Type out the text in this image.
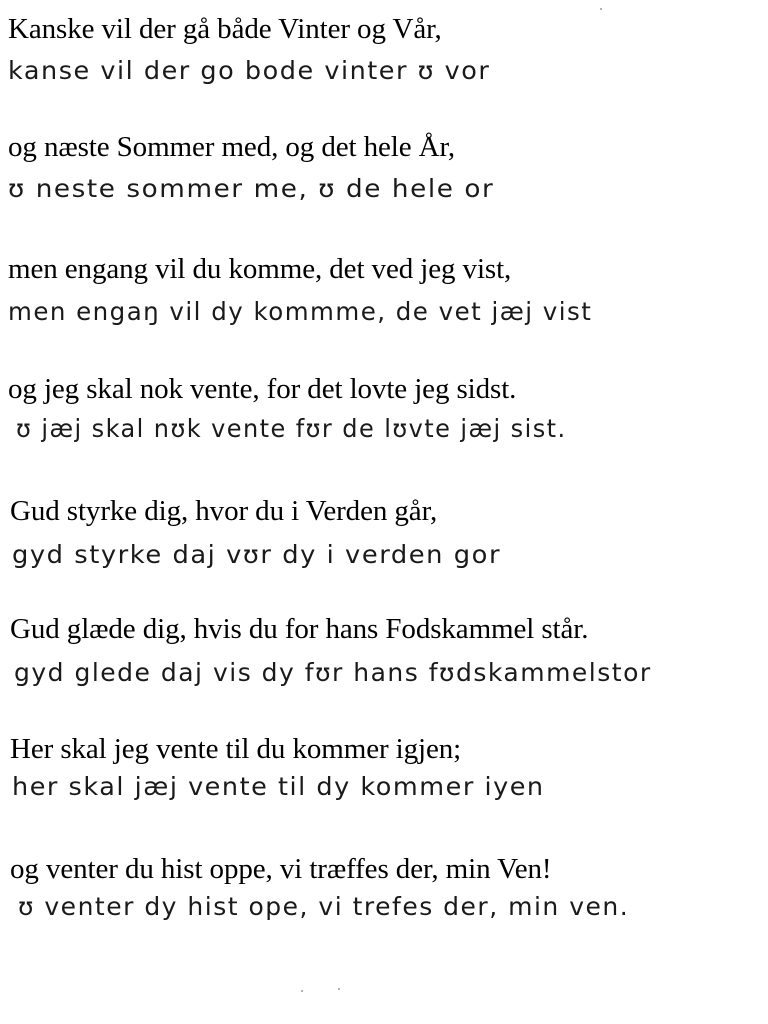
Kanske vil der gå både Vinter og Vår,
kanse vil der go bode vinter ʊ vor
og næste Sommer med, og det hele År,
ʊ neste sommer me, ʊ de hele or
men engang vil du komme, det ved jeg vist,
men engaŋ vil dy kommme, de vet jæj vist
og jeg skal nok vente, for det lovte jeg sidst.
ʊ jæj skal nʊk vente fʊr de lʊvte jæj sist.
Gud styrke dig, hvor du i Verden går,
gyd styrke daj vʊr dy i verden gor
Gud glæde dig, hvis du for hans Fodskammel står.
gyd glede daj vis dy fʊr hans fʊdskammelstor
Her skal jeg vente til du kommer igjen;
her skal jæj vente til dy kommer iyen
og venter du hist oppe, vi træffes der, min Ven!
ʊ venter dy hist ope, vi trefes der, min ven.
